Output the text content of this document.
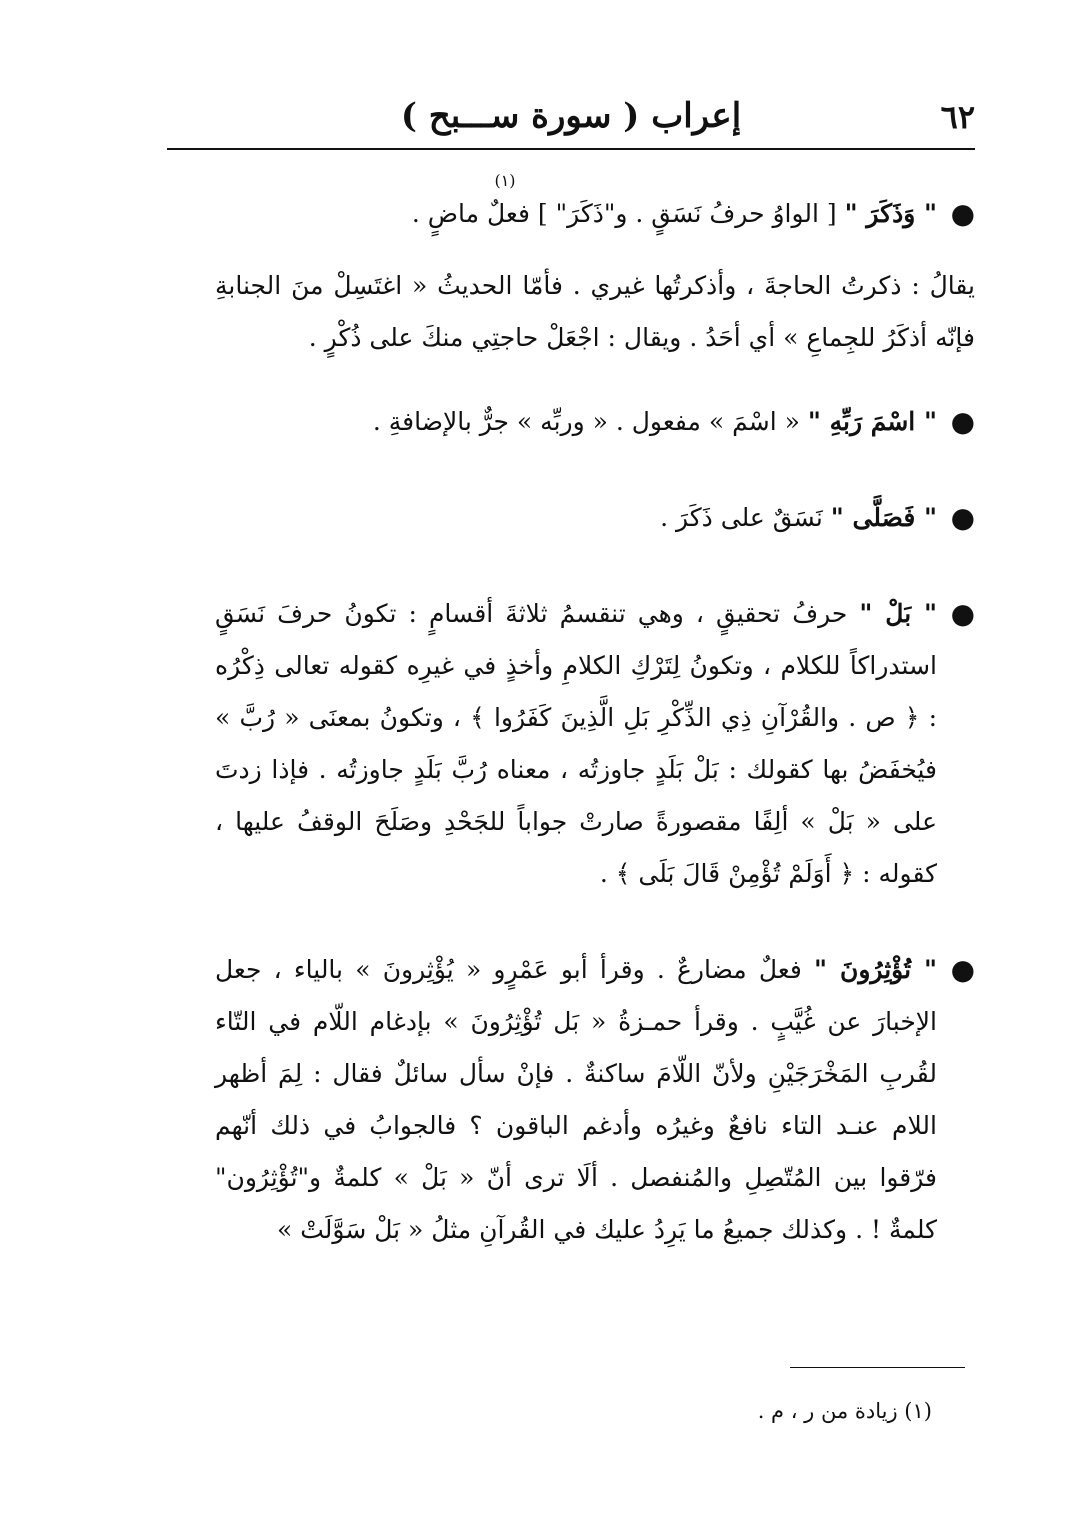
٦٢
إعراب ( سورة ســـبح )
(١)

●
" وَذَكَرَ " [ الواوُ حرفُ نَسَقٍ . و"ذَكَرَ" ] فعلٌ ماضٍ .

يقالُ : ذكرتُ الحاجةَ ، وأذكرتُها غيري . فأمّا الحديثُ « اغتَسِلْ منَ الجنابةِ فإنّه أذكَرُ للجِماعِ » أي أحَدُ . ويقال : اجْعَلْ حاجتِي منكَ على ذُكْرٍ .

●
" اسْمَ رَبِّهِ " « اسْمَ » مفعول . « وربِّه » جرٌّ بالإضافةِ .

●
" فَصَلَّى " نَسَقٌ على ذَكَرَ .

●
" بَلْ " حرفُ تحقيقٍ ، وهي تنقسمُ ثلاثةَ أقسامٍ : تكونُ حرفَ نَسَقٍ استدراكاً للكلام ، وتكونُ لِتَرْكِ الكلامِ وأخذٍ في غيرِه كقوله تعالى ذِكْرُه : ﴿ ص . والقُرْآنِ ذِي الذِّكْرِ بَلِ الَّذِينَ كَفَرُوا ﴾ ، وتكونُ بمعنَى « رُبَّ » فيُخفَضُ بها كقولك : بَلْ بَلَدٍ جاوزتُه ، معناه رُبَّ بَلَدٍ جاوزتُه . فإذا زدتَ على « بَلْ » ألِفًا مقصورةً صارتْ جواباً للجَحْدِ وصَلَحَ الوقفُ عليها ، كقوله : ﴿ أَوَلَمْ تُؤْمِنْ قَالَ بَلَى ﴾ .

●
" تُؤْثِرُونَ " فعلٌ مضارعٌ . وقرأ أبو عَمْرٍو « يُؤْثِرونَ » بالياء ، جعل الإخبارَ عن غُيَّبٍ . وقرأ حمـزةُ « بَل تُؤْثِرُونَ » بإدغام اللّام في التّاء لقُربِ المَخْرَجَيْنِ ولأنّ اللّامَ ساكنةٌ . فإنْ سأل سائلٌ فقال : لِمَ أظهر اللام عنـد التاء نافعٌ وغيرُه وأدغم الباقون ؟ فالجوابُ في ذلك أنّهم فرّقوا بين المُتّصِلِ والمُنفصل . ألَا ترى أنّ « بَلْ » كلمةٌ و"تُؤْثِرُون" كلمةٌ ! . وكذلك جميعُ ما يَرِدُ عليك في القُرآنِ مثلُ « بَلْ سَوَّلَتْ »

(١) زيادة من ر ، م .
